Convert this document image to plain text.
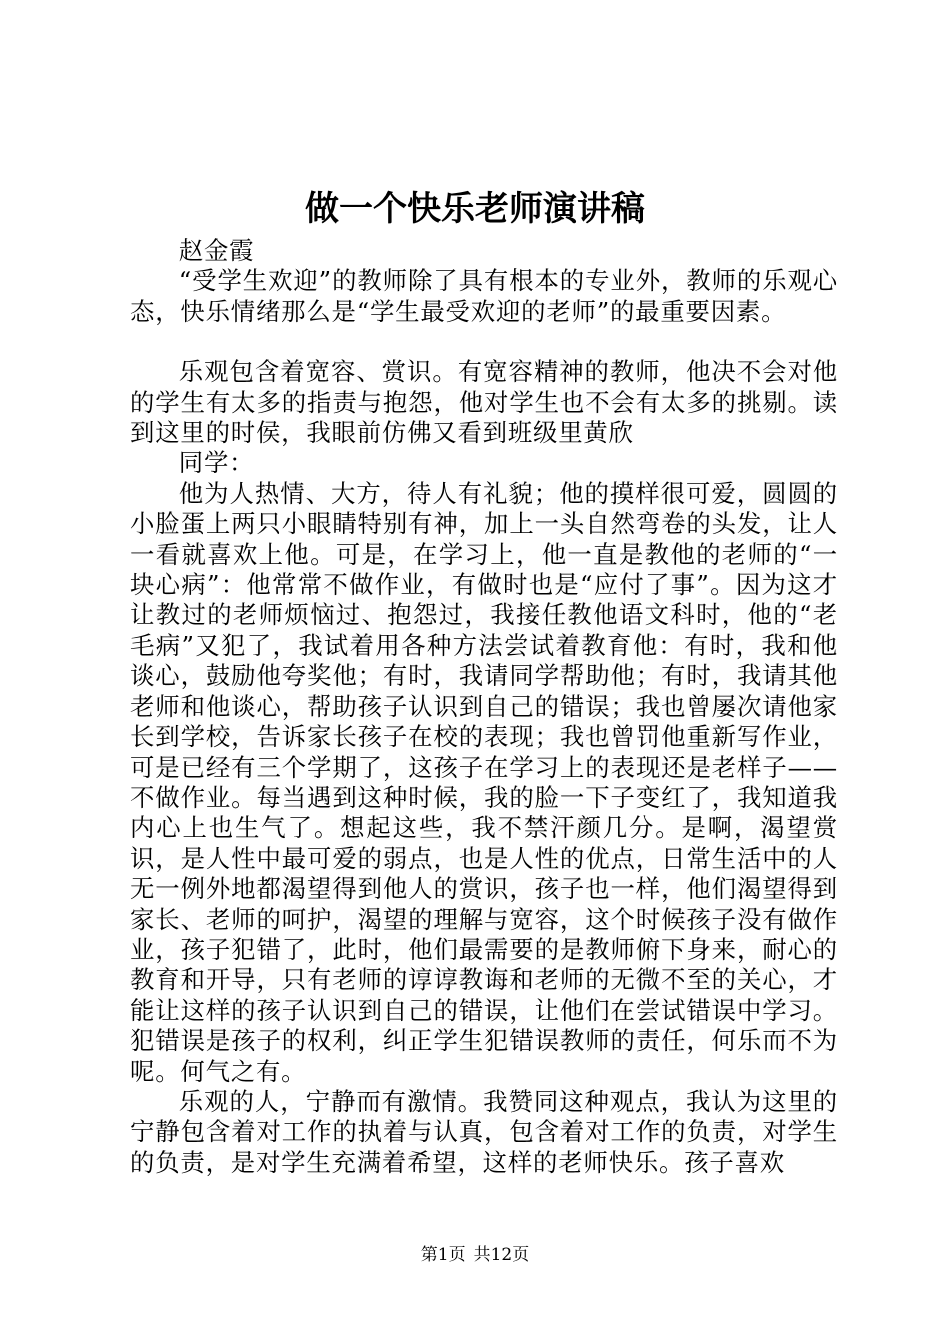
做一个快乐老师演讲稿

赵金霞

“受学生欢迎”的教师除了具有根本的专业外，教师的乐观心态，快乐情绪那么是“学生最受欢迎的老师”的最重要因素。

乐观包含着宽容、赏识。有宽容精神的教师，他决不会对他的学生有太多的指责与抱怨，他对学生也不会有太多的挑剔。读到这里的时侯，我眼前仿佛又看到班级里黄欣

同学：

他为人热情、大方，待人有礼貌；他的摸样很可爱，圆圆的小脸蛋上两只小眼睛特别有神，加上一头自然弯卷的头发，让人一看就喜欢上他。可是，在学习上，他一直是教他的老师的“一块心病”：他常常不做作业，有做时也是“应付了事”。因为这才让教过的老师烦恼过、抱怨过，我接任教他语文科时，他的“老毛病”又犯了，我试着用各种方法尝试着教育他：有时，我和他谈心，鼓励他夸奖他；有时，我请同学帮助他；有时，我请其他老师和他谈心，帮助孩子认识到自己的错误；我也曾屡次请他家长到学校，告诉家长孩子在校的表现；我也曾罚他重新写作业，可是已经有三个学期了，这孩子在学习上的表现还是老样子——不做作业。每当遇到这种时候，我的脸一下子变红了，我知道我内心上也生气了。想起这些，我不禁汗颜几分。是啊，渴望赏识，是人性中最可爱的弱点，也是人性的优点，日常生活中的人无一例外地都渴望得到他人的赏识，孩子也一样，他们渴望得到家长、老师的呵护，渴望的理解与宽容，这个时候孩子没有做作业，孩子犯错了，此时，他们最需要的是教师俯下身来，耐心的教育和开导，只有老师的谆谆教诲和老师的无微不至的关心，才能让这样的孩子认识到自己的错误，让他们在尝试错误中学习。犯错误是孩子的权利，纠正学生犯错误教师的责任，何乐而不为呢。何气之有。

乐观的人，宁静而有激情。我赞同这种观点，我认为这里的宁静包含着对工作的执着与认真，包含着对工作的负责，对学生的负责，是对学生充满着希望，这样的老师快乐。孩子喜欢

第1页 共12页
